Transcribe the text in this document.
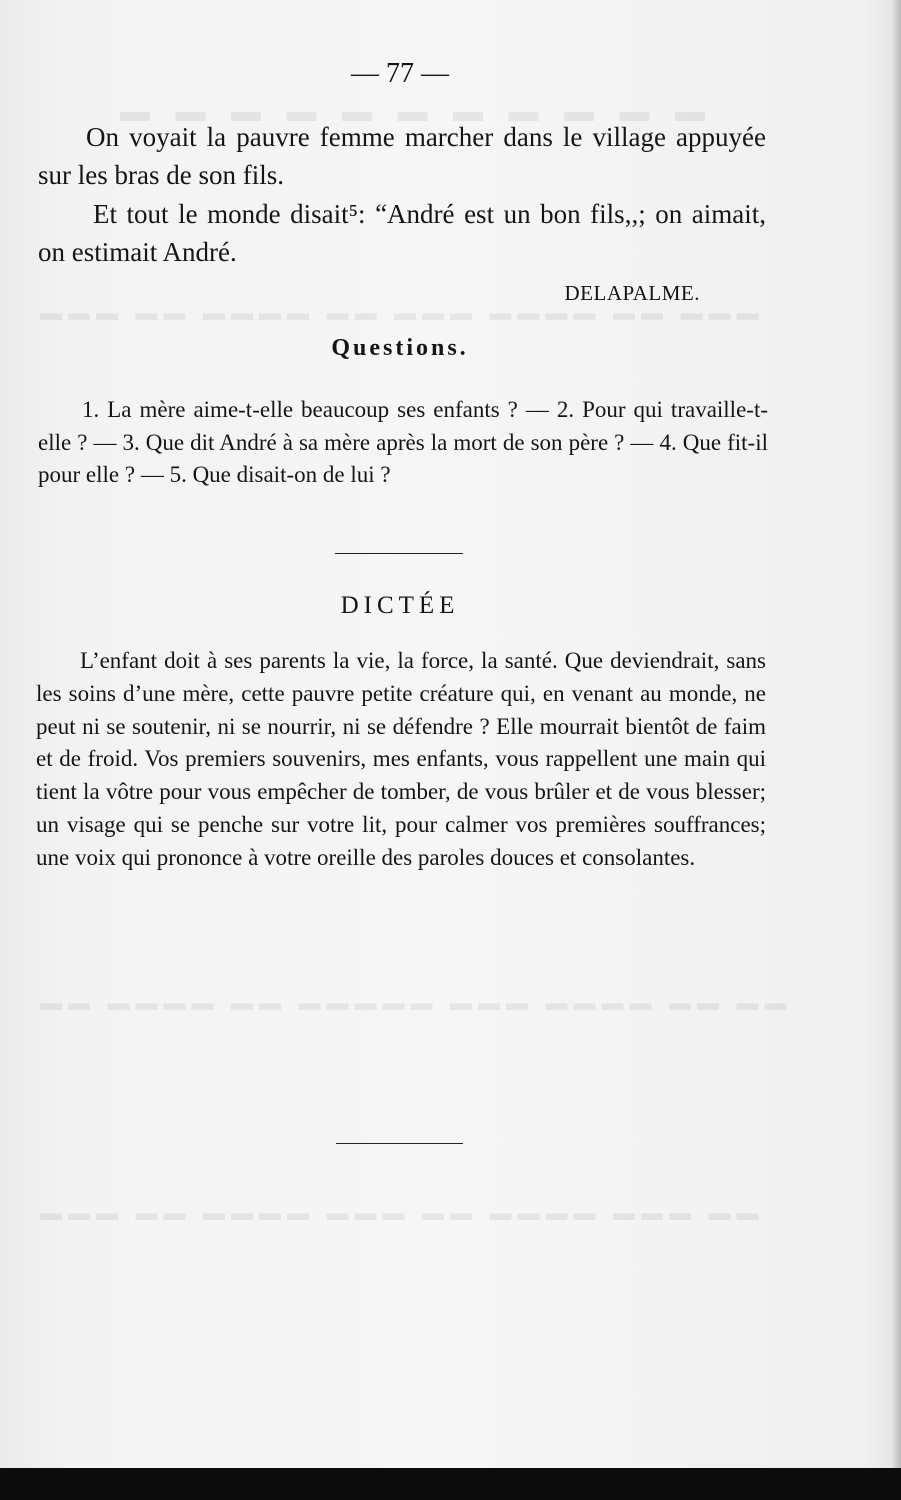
▬ ▬ ▬ ▬ ▬ ▬ ▬ ▬ ▬ ▬ ▬
▬▬▬ ▬▬ ▬▬▬▬ ▬▬ ▬▬▬ ▬▬▬▬ ▬▬ ▬▬▬
▬▬ ▬▬▬▬ ▬▬ ▬▬▬▬▬ ▬▬▬ ▬▬▬▬ ▬▬ ▬▬
▬▬▬ ▬▬ ▬▬▬▬ ▬▬▬ ▬▬ ▬▬▬▬ ▬▬▬ ▬▬
— 77 —
On voyait la pauvre femme marcher dans le village appuyée sur les bras de son fils.
Et tout le monde disait⁵: “André est un bon fils,,; on aimait, on estimait André.
DELAPALME.
Questions.
1. La mère aime-t-elle beaucoup ses enfants ? — 2. Pour qui travaille-t-elle ? — 3. Que dit André à sa mère après la mort de son père ? — 4. Que fit-il pour elle ? — 5. Que disait-on de lui ?
DICTÉE
L’enfant doit à ses parents la vie, la force, la santé. Que deviendrait, sans les soins d’une mère, cette pauvre petite créature qui, en venant au monde, ne peut ni se soutenir, ni se nourrir, ni se défendre ? Elle mourrait bientôt de faim et de froid. Vos premiers souvenirs, mes enfants, vous rappellent une main qui tient la vôtre pour vous empêcher de tomber, de vous brûler et de vous blesser; un visage qui se penche sur votre lit, pour calmer vos premières souffrances; une voix qui prononce à votre oreille des paroles douces et consolantes.
